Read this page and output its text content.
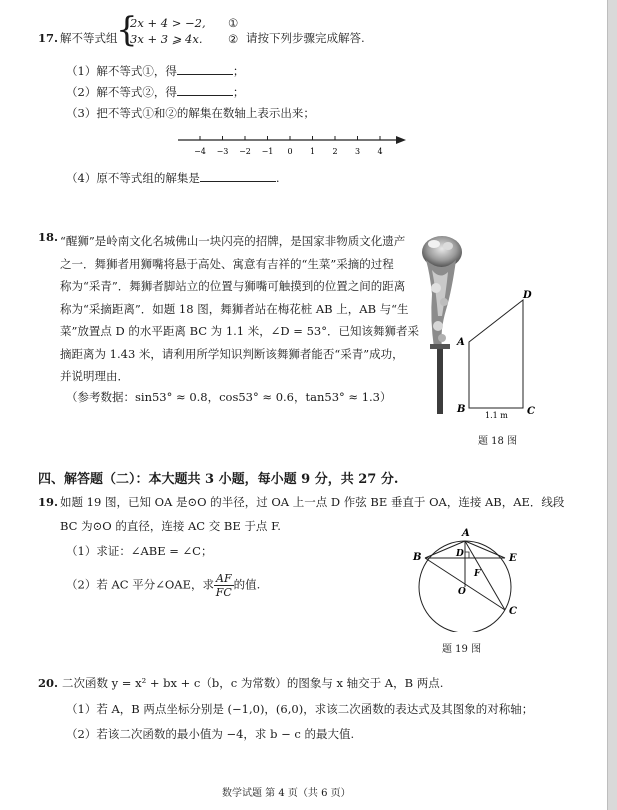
17. 解不等式组
{
2x + 4 > −2,
3x + 3 ⩾ 4x.
①
② 请按下列步骤完成解答.
（1）解不等式①，得	；
（2）解不等式②，得	；
（3）把不等式①和②的解集在数轴上表示出来；
−4 −3 −2 −1 0 1 2 3 4
（4）原不等式组的解集是	.
18. “醒狮”是岭南文化名城佛山一块闪亮的招牌，是国家非物质文化遗产
之一．舞狮者用狮嘴将悬于高处、寓意有吉祥的“生菜”采摘的过程
称为“采青”．舞狮者脚站立的位置与狮嘴可触摸到的位置之间的距离
称为“采摘距离”．如题 18 图，舞狮者站在梅花桩 AB 上，AB 与“生
菜”放置点 D 的水平距离 BC 为 1.1 米，∠D = 53°．已知该舞狮者采
摘距离为 1.43 米，请利用所学知识判断该舞狮者能否“采青”成功，
并说明理由．
（参考数据：sin53° ≈ 0.8，cos53° ≈ 0.6，tan53° ≈ 1.3）
A
B	C
D
1.1 m
题 18 图
四、解答题（二）：本大题共 3 小题，每小题 9 分，共 27 分.
19. 如题 19 图，已知 OA 是⊙O 的半径，过 OA 上一点 D 作弦 BE 垂直于 OA，连接 AB，AE．线段
BC 为⊙O 的直径，连接 AC 交 BE 于点 F.
（1）求证：∠ABE = ∠C；
（2）若 AC 平分∠OAE，求 $\frac{AF}{FC}$ 的值.
A
B
C
D	E
F
O
题 19 图
20. 二次函数 y = x² + bx + c（b，c 为常数）的图象与 x 轴交于 A，B 两点.
（1）若 A，B 两点坐标分别是 (−1,0)，(6,0)，求该二次函数的表达式及其图象的对称轴；
（2）若该二次函数的最小值为 −4，求 b − c 的最大值.
数学试题 第 4 页（共 6 页）
